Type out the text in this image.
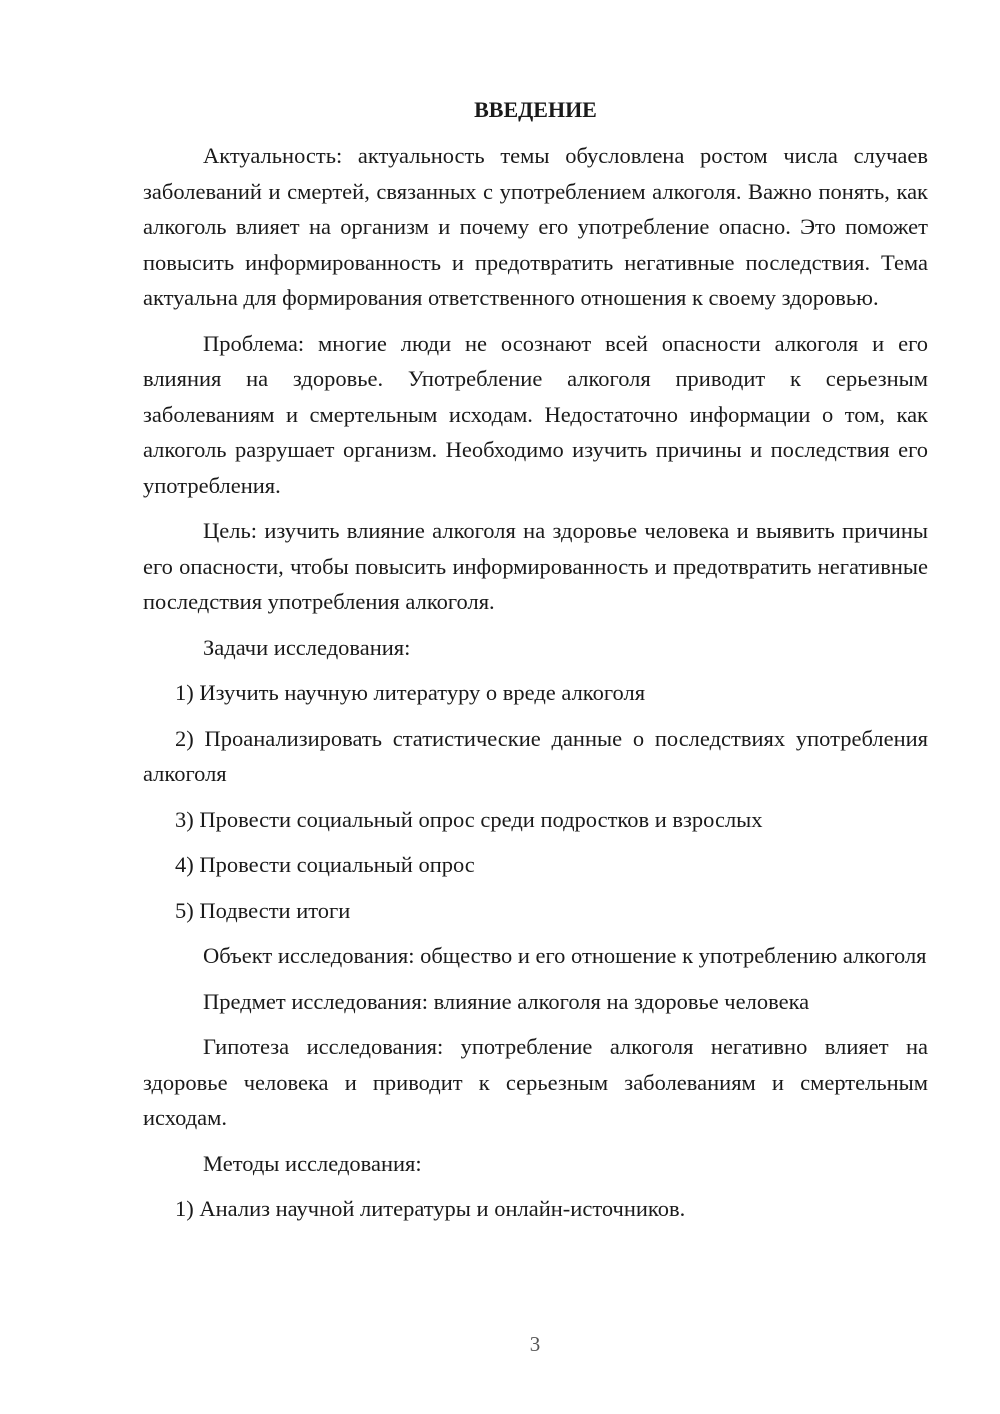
ВВЕДЕНИЕ

Актуальность: актуальность темы обусловлена ростом числа случаев заболеваний и смертей, связанных с употреблением алкоголя. Важно понять, как алкоголь влияет на организм и почему его употребление опасно. Это поможет повысить информированность и предотвратить негативные последствия. Тема актуальна для формирования ответственного отношения к своему здоровью.

Проблема: многие люди не осознают всей опасности алкоголя и его влияния на здоровье. Употребление алкоголя приводит к серьезным заболеваниям и смертельным исходам. Недостаточно информации о том, как алкоголь разрушает организм. Необходимо изучить причины и последствия его употребления.

Цель: изучить влияние алкоголя на здоровье человека и выявить причины его опасности, чтобы повысить информированность и предотвратить негативные последствия употребления алкоголя.

Задачи исследования:

1) Изучить научную литературу о вреде алкоголя

2) Проанализировать статистические данные о последствиях употребления алкоголя

3) Провести социальный опрос среди подростков и взрослых

4) Провести социальный опрос

5) Подвести итоги

Объект исследования: общество и его отношение к употреблению алкоголя

Предмет исследования: влияние алкоголя на здоровье человека

Гипотеза исследования: употребление алкоголя негативно влияет на здоровье человека и приводит к серьезным заболеваниям и смертельным исходам.

Методы исследования:

1) Анализ научной литературы и онлайн-источников.

3
